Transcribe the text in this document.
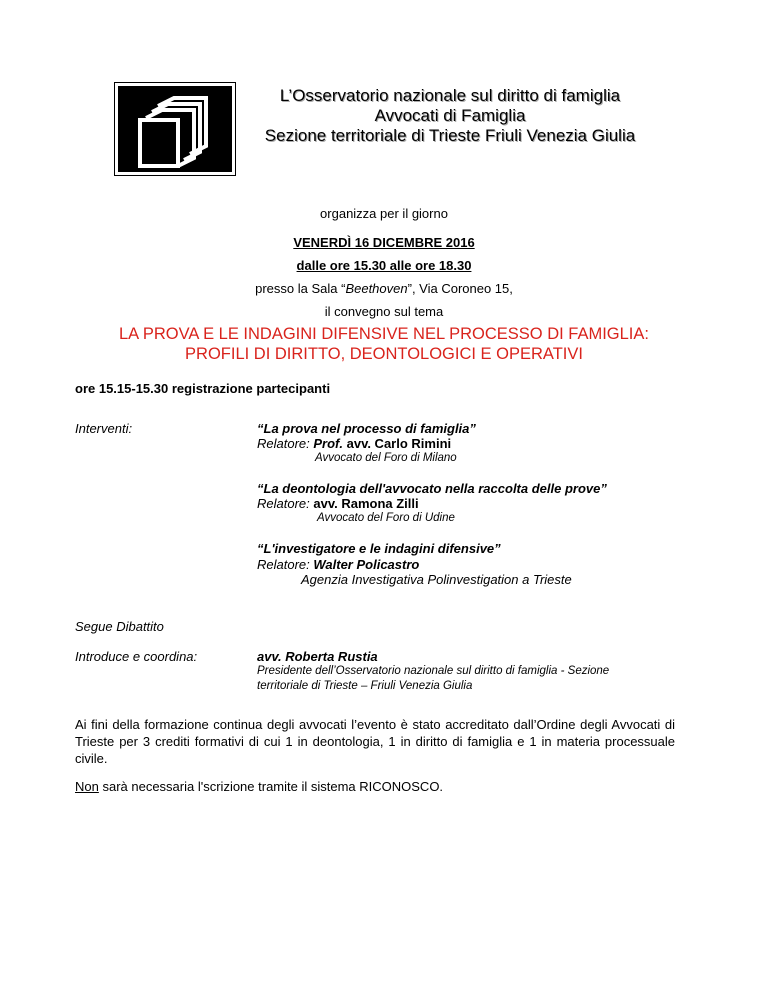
L’Osservatorio nazionale sul diritto di famiglia
Avvocati di Famiglia
Sezione territoriale di Trieste Friuli Venezia Giulia
organizza per il giorno
VENERDÌ 16 DICEMBRE 2016
dalle ore 15.30 alle ore 18.30
presso la Sala “Beethoven”, Via Coroneo 15,
il convegno sul tema
LA PROVA E LE INDAGINI DIFENSIVE NEL PROCESSO DI FAMIGLIA:
PROFILI DI DIRITTO, DEONTOLOGICI E OPERATIVI
ore 15.15-15.30 registrazione partecipanti
Interventi:	“La prova nel processo di famiglia”
Relatore: Prof. avv. Carlo Rimini
Avvocato del Foro di Milano
“La deontologia dell'avvocato nella raccolta delle prove”
Relatore: avv. Ramona Zilli
Avvocato del Foro di Udine
“L'investigatore e le indagini difensive”
Relatore: Walter Policastro
Agenzia Investigativa Polinvestigation a Trieste
Segue Dibattito
Introduce e coordina:	avv. Roberta Rustia
Presidente dell’Osservatorio nazionale sul diritto di famiglia - Sezione
territoriale di Trieste – Friuli Venezia Giulia
Ai fini della formazione continua degli avvocati l’evento è stato accreditato dall’Ordine degli Avvocati di Trieste per 3 crediti formativi di cui 1 in deontologia, 1 in diritto di famiglia e 1 in materia processuale civile.
Non sarà necessaria l'scrizione tramite il sistema RICONOSCO.
